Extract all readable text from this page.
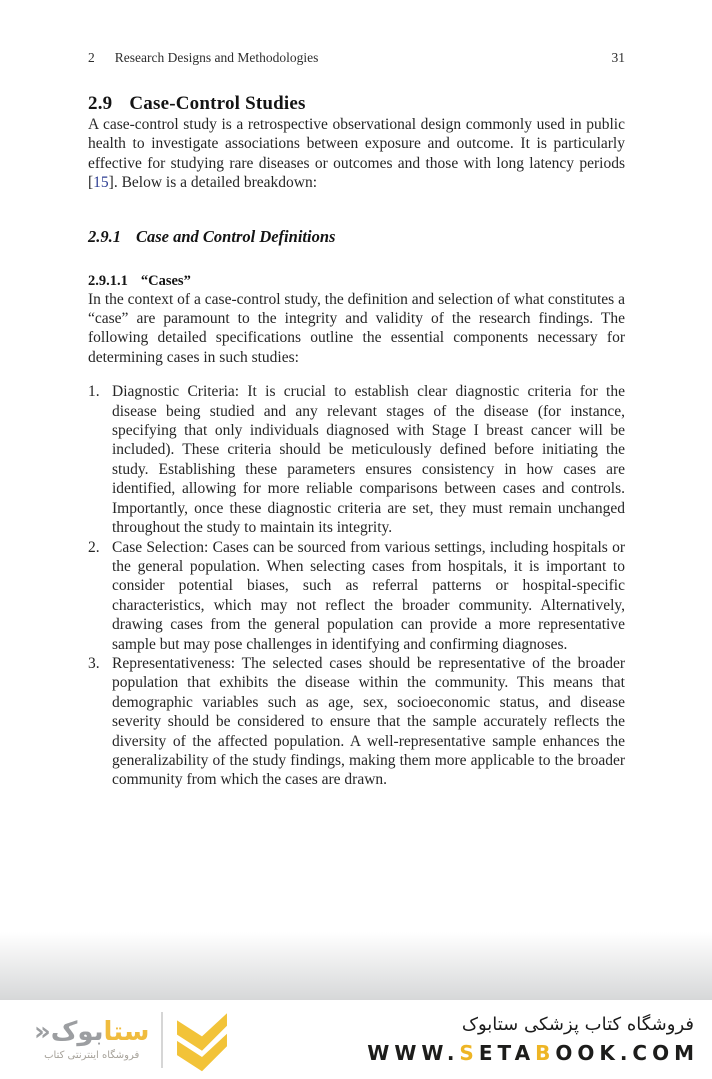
2 Research Designs and Methodologies	31
2.9 Case-Control Studies

A case-control study is a retrospective observational design commonly used in public health to investigate associations between exposure and outcome. It is particularly effective for studying rare diseases or outcomes and those with long latency periods [15]. Below is a detailed breakdown:

2.9.1 Case and Control Definitions
2.9.1.1 “Cases”

In the context of a case-control study, the definition and selection of what constitutes a “case” are paramount to the integrity and validity of the research findings. The following detailed specifications outline the essential components necessary for determining cases in such studies:

1. Diagnostic Criteria: It is crucial to establish clear diagnostic criteria for the disease being studied and any relevant stages of the disease (for instance, specifying that only individuals diagnosed with Stage I breast cancer will be included). These criteria should be meticulously defined before initiating the study. Establishing these parameters ensures consistency in how cases are identified, allowing for more reliable comparisons between cases and controls. Importantly, once these diagnostic criteria are set, they must remain unchanged throughout the study to maintain its integrity.
2. Case Selection: Cases can be sourced from various settings, including hospitals or the general population. When selecting cases from hospitals, it is important to consider potential biases, such as referral patterns or hospital-specific characteristics, which may not reflect the broader community. Alternatively, drawing cases from the general population can provide a more representative sample but may pose challenges in identifying and confirming diagnoses.
3. Representativeness: The selected cases should be representative of the broader population that exhibits the disease within the community. This means that demographic variables such as age, sex, socioeconomic status, and disease severity should be considered to ensure that the sample accurately reflects the diversity of the affected population. A well-representative sample enhances the generalizability of the study findings, making them more applicable to the broader community from which the cases are drawn.
ستابوک«
فروشگاه اینترنتی کتاب
فروشگاه کتاب پزشکی ستابوک
WWW.SETABOOK.COM
